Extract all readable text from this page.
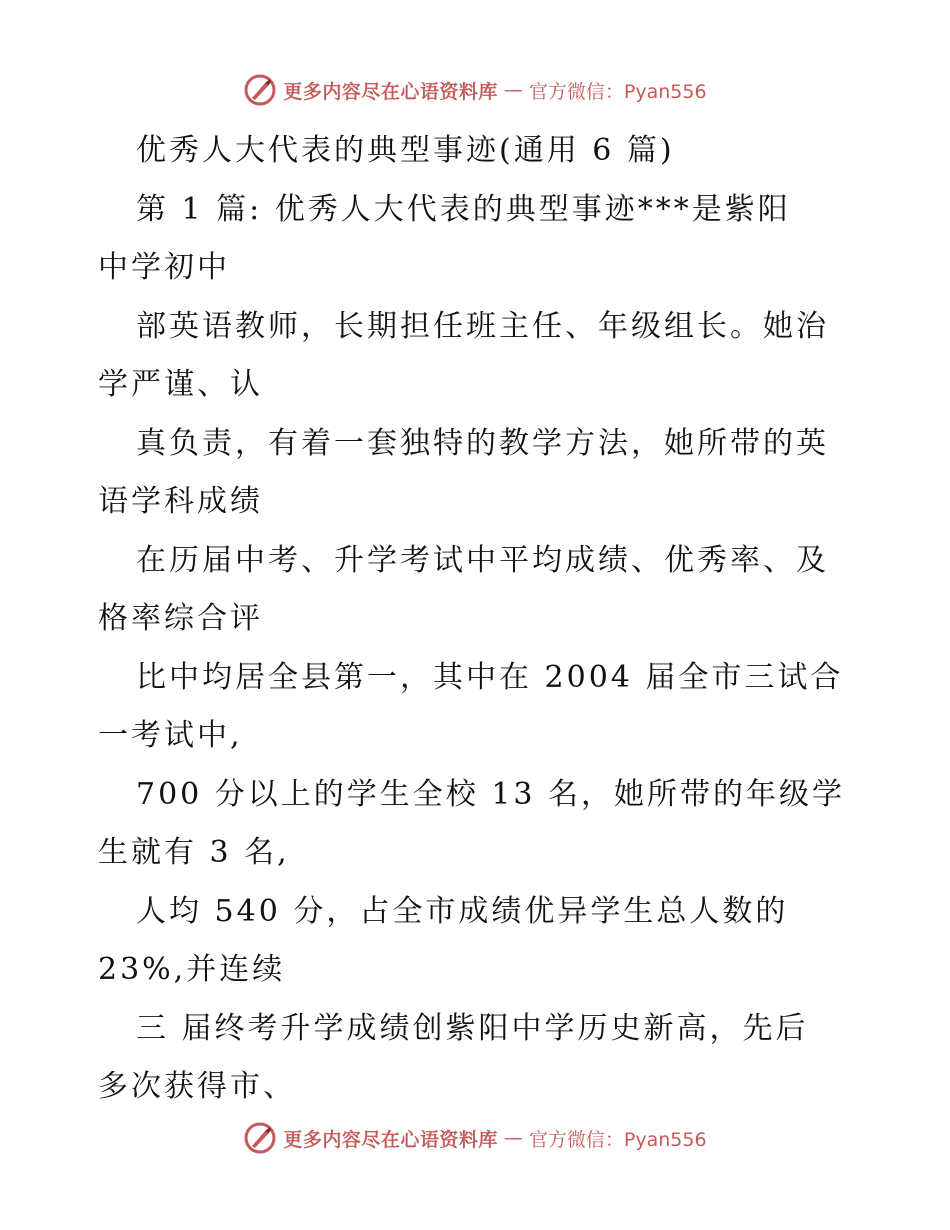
更多内容尽在心语资料库 — 官方微信：Pyan556
优秀人大代表的典型事迹(通用 6 篇)
第 1 篇: 优秀人大代表的典型事迹***是紫阳
中学初中
部英语教师，长期担任班主任、年级组长。她治
学严谨、认
真负责，有着一套独特的教学方法，她所带的英
语学科成绩
在历届中考、升学考试中平均成绩、优秀率、及
格率综合评
比中均居全县第一，其中在 2004 届全市三试合
一考试中,
700 分以上的学生全校 13 名，她所带的年级学
生就有 3 名,
人均 540 分，占全市成绩优异学生总人数的
23%,并连续
三 届终考升学成绩创紫阳中学历史新高，先后
多次获得市、
更多内容尽在心语资料库 — 官方微信：Pyan556
